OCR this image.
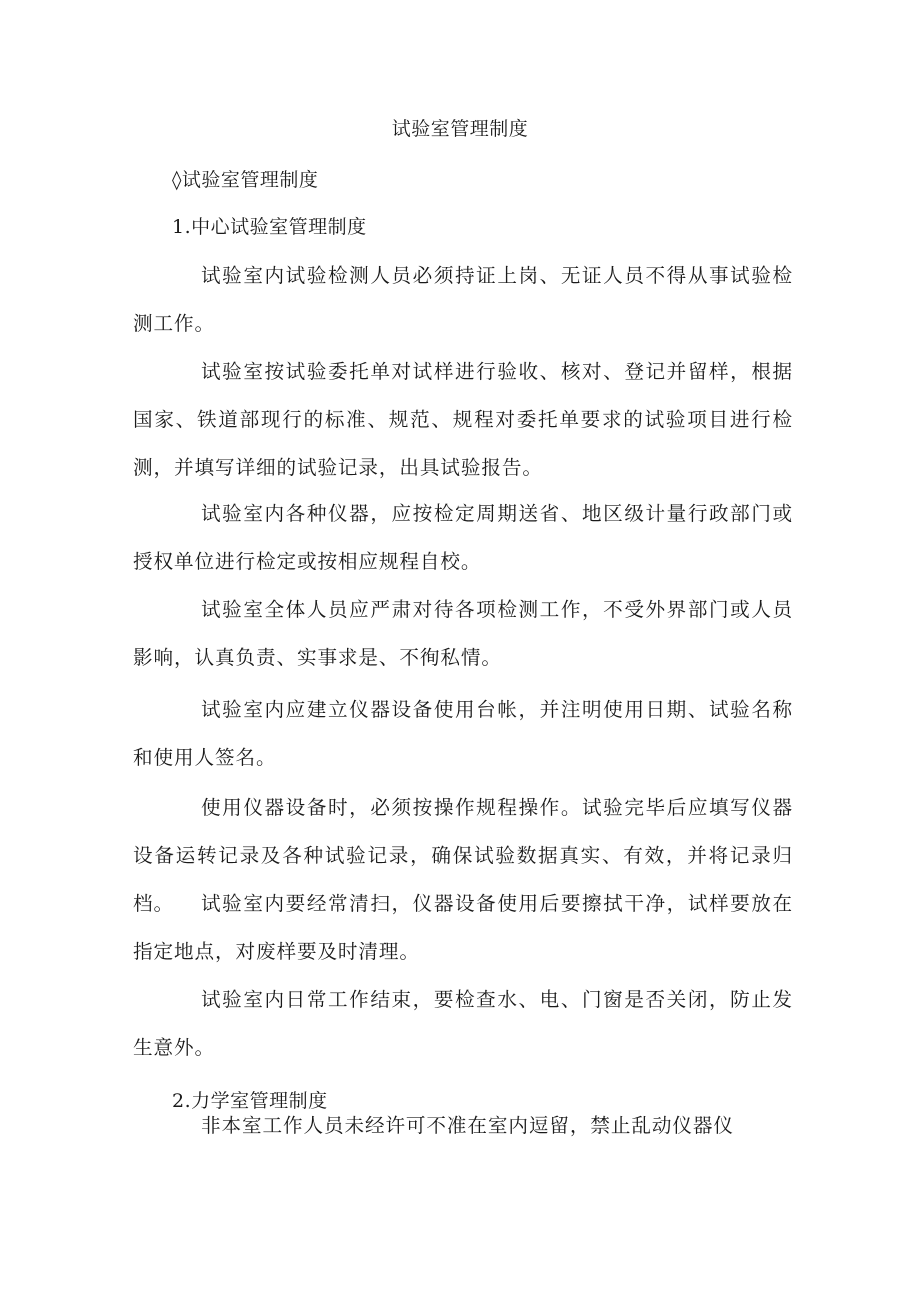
试验室管理制度
◊试验室管理制度
1.中心试验室管理制度

试验室内试验检测人员必须持证上岗、无证人员不得从事试验检测工作。

试验室按试验委托单对试样进行验收、核对、登记并留样，根据国家、铁道部现行的标准、规范、规程对委托单要求的试验项目进行检测，并填写详细的试验记录，出具试验报告。

试验室内各种仪器，应按检定周期送省、地区级计量行政部门或授权单位进行检定或按相应规程自校。

试验室全体人员应严肃对待各项检测工作，不受外界部门或人员影响，认真负责、实事求是、不徇私情。

试验室内应建立仪器设备使用台帐，并注明使用日期、试验名称和使用人签名。

使用仪器设备时，必须按操作规程操作。试验完毕后应填写仪器设备运转记录及各种试验记录，确保试验数据真实、有效，并将记录归档。	试验室内要经常清扫，仪器设备使用后要擦拭干净，试样要放在指定地点，对废样要及时清理。

试验室内日常工作结束，要检查水、电、门窗是否关闭，防止发生意外。

2.力学室管理制度

非本室工作人员未经许可不准在室内逗留，禁止乱动仪器仪
